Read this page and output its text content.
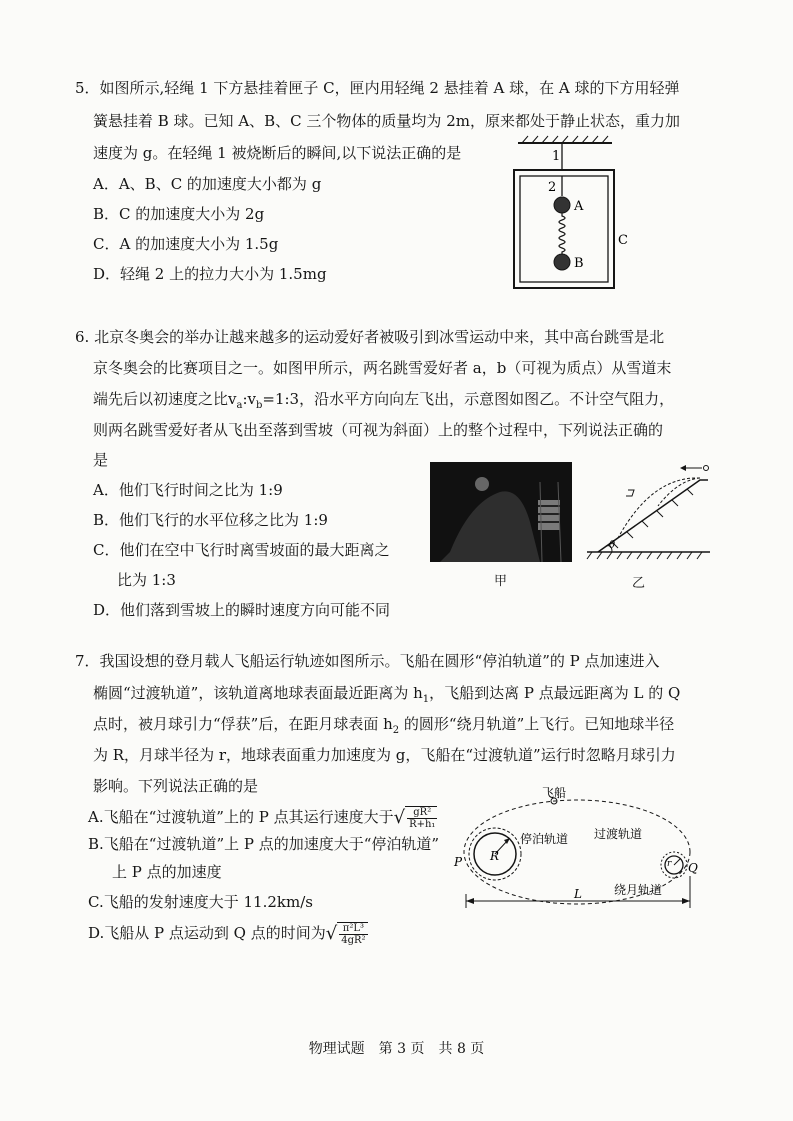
5．如图所示,轻绳 1 下方悬挂着匣子 C，匣内用轻绳 2 悬挂着 A 球，在 A 球的下方用轻弹
簧悬挂着 B 球。已知 A、B、C 三个物体的质量均为 2m，原来都处于静止状态，重力加
速度为 g。在轻绳 1 被烧断后的瞬间,以下说法正确的是
A．A、B、C 的加速度大小都为 g
B．C 的加速度大小为 2g
C．A 的加速度大小为 1.5g
D．轻绳 2 上的拉力大小为 1.5mg
1
2
A
B
C
6. 北京冬奥会的举办让越来越多的运动爱好者被吸引到冰雪运动中来，其中高台跳雪是北
京冬奥会的比赛项目之一。如图甲所示，两名跳雪爱好者 a，b（可视为质点）从雪道末
端先后以初速度之比$v_a:v_b=1:3$，沿水平方向向左飞出，示意图如图乙。不计空气阻力，
则两名跳雪爱好者从飞出至落到雪坡（可视为斜面）上的整个过程中，下列说法正确的
是
A．他们飞行时间之比为 1:9
B．他们飞行的水平位移之比为 1:9
C．他们在空中飞行时离雪坡面的最大距离之
比为 1:3
D．他们落到雪坡上的瞬时速度方向可能不同
甲
θ
乙
7．我国设想的登月载人飞船运行轨迹如图所示。飞船在圆形“停泊轨道”的 P 点加速进入
椭圆“过渡轨道”，该轨道离地球表面最近距离为 $h_1$，飞船到达离 P 点最远距离为 L 的 Q
点时，被月球引力“俘获”后，在距月球表面 $h_2$ 的圆形“绕月轨道”上飞行。已知地球半径
为 R，月球半径为 r，地球表面重力加速度为 g，飞船在“过渡轨道”运行时忽略月球引力
影响。下列说法正确的是
A.飞船在“过渡轨道”上的 P 点其运行速度大于√ $\frac{\text{gR²}}{\text{R+h₁}}$
B.飞船在“过渡轨道”上 P 点的加速度大于“停泊轨道”
上 P 点的加速度
C.飞船的发射速度大于 11.2km/s
D.飞船从 P 点运动到 Q 点的时间为√ $\frac{\text{π²L³}}{\text{4gR²}}$
飞船
停泊轨道 过渡轨道
绕月轨道
P	Q
R
r
L
物理试题　第 3 页　共 8 页
